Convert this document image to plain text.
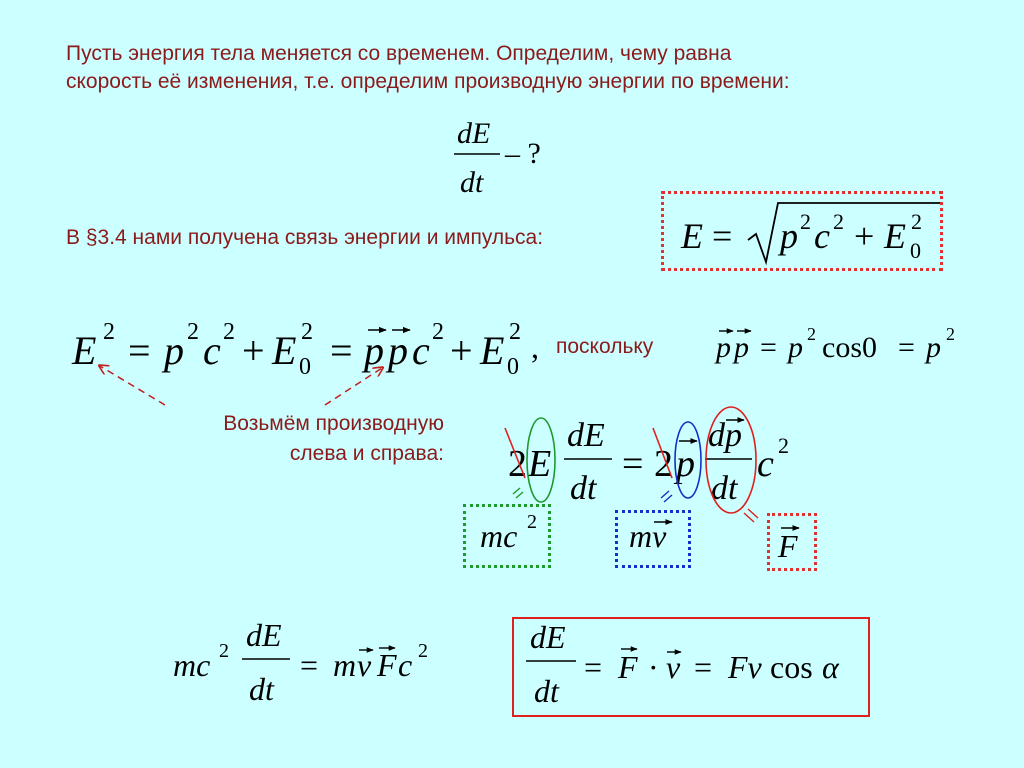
Пусть энергия тела меняется со временем. Определим, чему равна
скорость её изменения, т.е. определим производную энергии по времени:
В §3.4 нами получена связь энергии и импульса:
поскольку
Возьмём производную
слева и справа:
dE
dt
– ?
E = p 2 c 2 + E 2
0
E 2 = p 2 c 2 + E 2
0 = p p c 2 + E 2
0
,	p p = p 2 cos0 = p 2
2 E
dE
dt
= 2 p
dp
dt
c 2
mc 2	mv	F
mc 2 dE
dt
= m v F c 2	dE
dt
= F · v = Fv cos α
